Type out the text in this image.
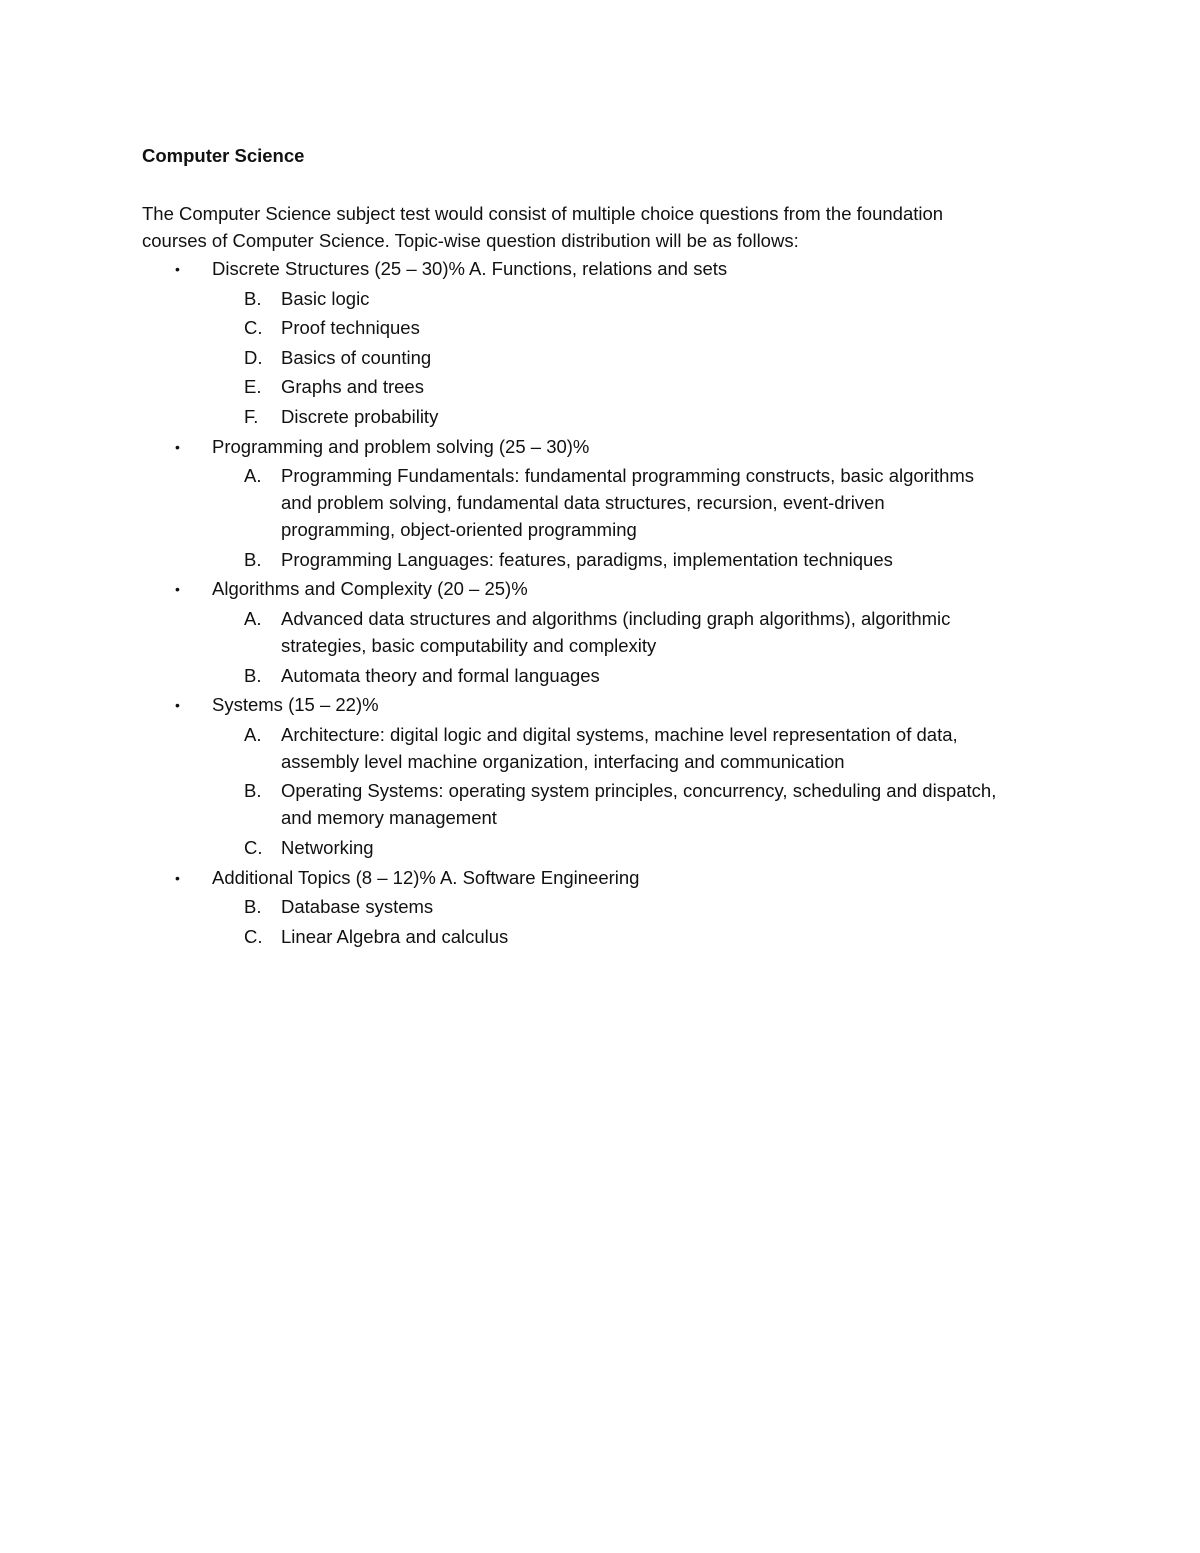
Computer Science
The Computer Science subject test would consist of multiple choice questions from the foundation
courses of Computer Science. Topic-wise question distribution will be as follows:
• Discrete Structures (25 – 30)% A. Functions, relations and sets
B.	Basic logic
C.	Proof techniques
D.	Basics of counting
E.	Graphs and trees
F.	Discrete probability
• Programming and problem solving (25 – 30)%
A.	Programming Fundamentals: fundamental programming constructs, basic algorithms
and problem solving, fundamental data structures, recursion, event-driven
programming, object-oriented programming
B.	Programming Languages: features, paradigms, implementation techniques
• Algorithms and Complexity (20 – 25)%
A.	Advanced data structures and algorithms (including graph algorithms), algorithmic
strategies, basic computability and complexity
B.	Automata theory and formal languages
• Systems (15 – 22)%
A.	Architecture: digital logic and digital systems, machine level representation of data,
assembly level machine organization, interfacing and communication
B.	Operating Systems: operating system principles, concurrency, scheduling and dispatch,
and memory management
C.	Networking
• Additional Topics (8 – 12)% A. Software Engineering
B.	Database systems
C.	Linear Algebra and calculus
